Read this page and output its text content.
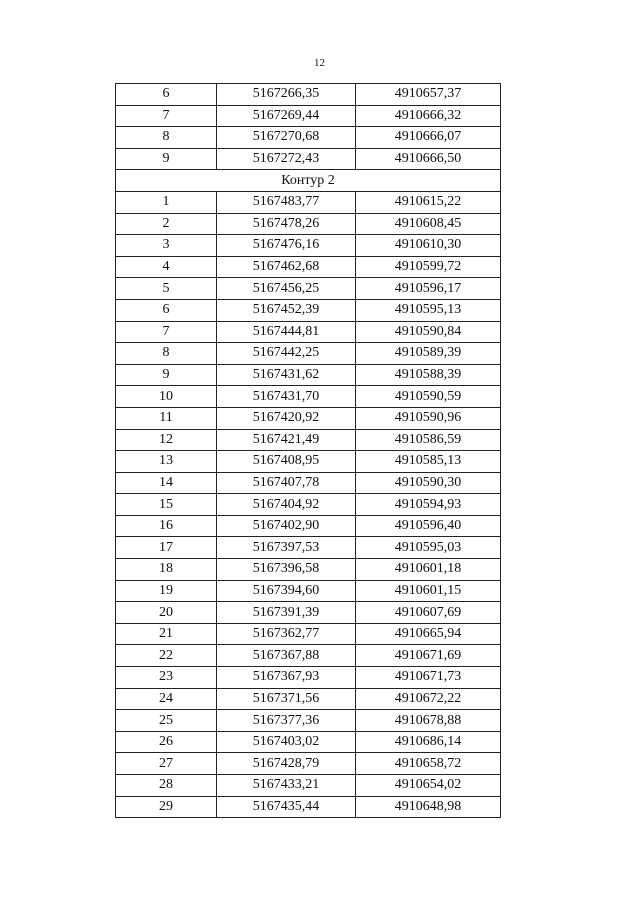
12
6	5167266,35	4910657,37
7	5167269,44	4910666,32
8	5167270,68	4910666,07
9	5167272,43	4910666,50
Контур 2		
1	5167483,77	4910615,22
2	5167478,26	4910608,45
3	5167476,16	4910610,30
4	5167462,68	4910599,72
5	5167456,25	4910596,17
6	5167452,39	4910595,13
7	5167444,81	4910590,84
8	5167442,25	4910589,39
9	5167431,62	4910588,39
10	5167431,70	4910590,59
11	5167420,92	4910590,96
12	5167421,49	4910586,59
13	5167408,95	4910585,13
14	5167407,78	4910590,30
15	5167404,92	4910594,93
16	5167402,90	4910596,40
17	5167397,53	4910595,03
18	5167396,58	4910601,18
19	5167394,60	4910601,15
20	5167391,39	4910607,69
21	5167362,77	4910665,94
22	5167367,88	4910671,69
23	5167367,93	4910671,73
24	5167371,56	4910672,22
25	5167377,36	4910678,88
26	5167403,02	4910686,14
27	5167428,79	4910658,72
28	5167433,21	4910654,02
29	5167435,44	4910648,98
